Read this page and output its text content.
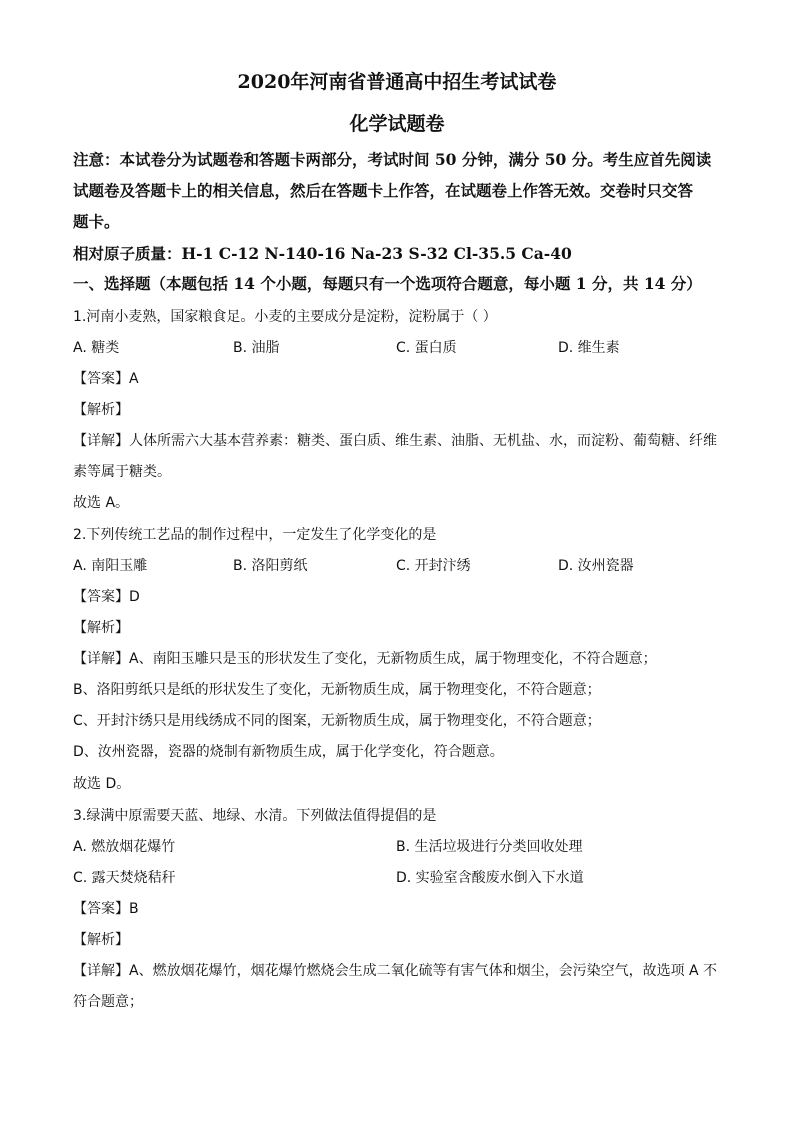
2020年河南省普通高中招生考试试卷
化学试题卷
注意：本试卷分为试题卷和答题卡两部分，考试时间 50 分钟，满分 50 分。考生应首先阅读
试题卷及答题卡上的相关信息，然后在答题卡上作答，在试题卷上作答无效。交卷时只交答
题卡。
相对原子质量：H-1 C-12 N-140-16 Na-23 S-32 Cl-35.5 Ca-40
一、选择题（本题包括 14 个小题，每题只有一个选项符合题意，每小题 1 分，共 14 分）
1.河南小麦熟，国家粮食足。小麦的主要成分是淀粉，淀粉属于（ ）
A. 糖类	B. 油脂	C. 蛋白质	D. 维生素
【答案】A
【解析】
【详解】人体所需六大基本营养素：糖类、蛋白质、维生素、油脂、无机盐、水，而淀粉、葡萄糖、纤维
素等属于糖类。
故选 A。
2.下列传统工艺品的制作过程中，一定发生了化学变化的是
A. 南阳玉雕	B. 洛阳剪纸	C. 开封汴绣	D. 汝州瓷器
【答案】D
【解析】
【详解】A、南阳玉雕只是玉的形状发生了变化，无新物质生成，属于物理变化，不符合题意；
B、洛阳剪纸只是纸的形状发生了变化，无新物质生成，属于物理变化，不符合题意；
C、开封汴绣只是用线绣成不同的图案，无新物质生成，属于物理变化，不符合题意；
D、汝州瓷器，瓷器的烧制有新物质生成，属于化学变化，符合题意。
故选 D。
3.绿满中原需要天蓝、地绿、水清。下列做法值得提倡的是
A. 燃放烟花爆竹	B. 生活垃圾进行分类回收处理
C. 露天焚烧秸秆	D. 实验室含酸废水倒入下水道
【答案】B
【解析】
【详解】A、燃放烟花爆竹，烟花爆竹燃烧会生成二氧化硫等有害气体和烟尘，会污染空气，故选项 A 不
符合题意；
